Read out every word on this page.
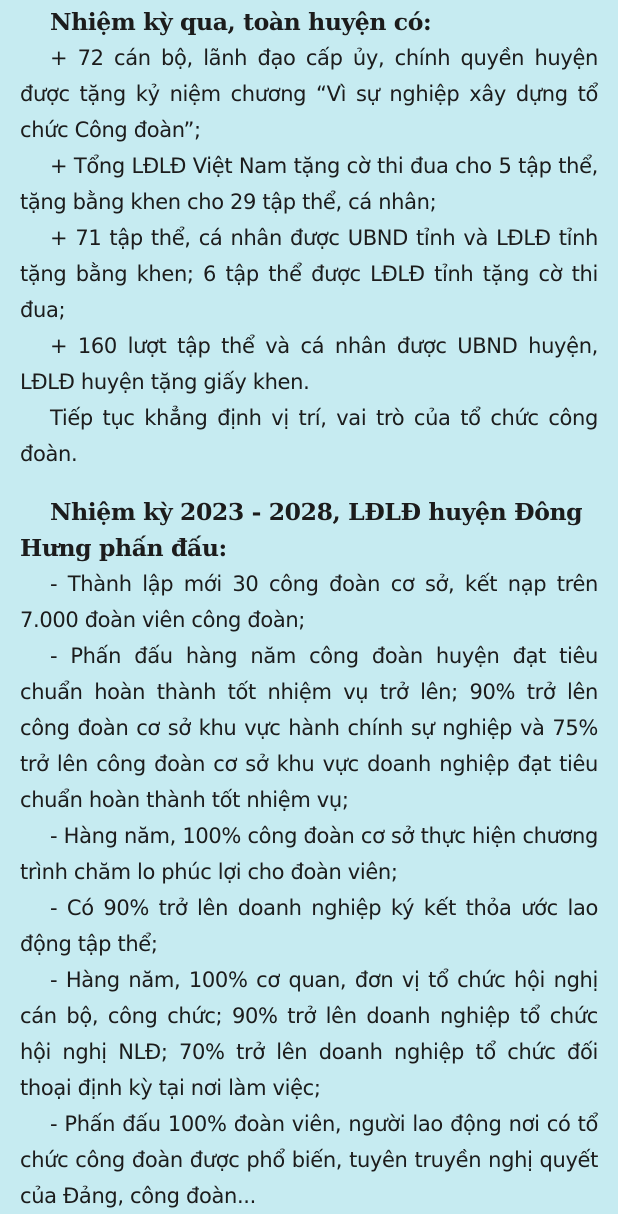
Nhiệm kỳ qua, toàn huyện có:

+ 72 cán bộ, lãnh đạo cấp ủy, chính quyền huyện được tặng kỷ niệm chương “Vì sự nghiệp xây dựng tổ chức Công đoàn”;

+ Tổng LĐLĐ Việt Nam tặng cờ thi đua cho 5 tập thể, tặng bằng khen cho 29 tập thể, cá nhân;

+ 71 tập thể, cá nhân được UBND tỉnh và LĐLĐ tỉnh tặng bằng khen; 6 tập thể được LĐLĐ tỉnh tặng cờ thi đua;

+ 160 lượt tập thể và cá nhân được UBND huyện, LĐLĐ huyện tặng giấy khen.

Tiếp tục khẳng định vị trí, vai trò của tổ chức công đoàn.

Nhiệm kỳ 2023 - 2028, LĐLĐ huyện Đông Hưng phấn đấu:

- Thành lập mới 30 công đoàn cơ sở, kết nạp trên 7.000 đoàn viên công đoàn;

- Phấn đấu hàng năm công đoàn huyện đạt tiêu chuẩn hoàn thành tốt nhiệm vụ trở lên; 90% trở lên công đoàn cơ sở khu vực hành chính sự nghiệp và 75% trở lên công đoàn cơ sở khu vực doanh nghiệp đạt tiêu chuẩn hoàn thành tốt nhiệm vụ;

- Hàng năm, 100% công đoàn cơ sở thực hiện chương trình chăm lo phúc lợi cho đoàn viên;

- Có 90% trở lên doanh nghiệp ký kết thỏa ước lao động tập thể;

- Hàng năm, 100% cơ quan, đơn vị tổ chức hội nghị cán bộ, công chức; 90% trở lên doanh nghiệp tổ chức hội nghị NLĐ; 70% trở lên doanh nghiệp tổ chức đối thoại định kỳ tại nơi làm việc;

- Phấn đấu 100% đoàn viên, người lao động nơi có tổ chức công đoàn được phổ biến, tuyên truyền nghị quyết của Đảng, công đoàn...
